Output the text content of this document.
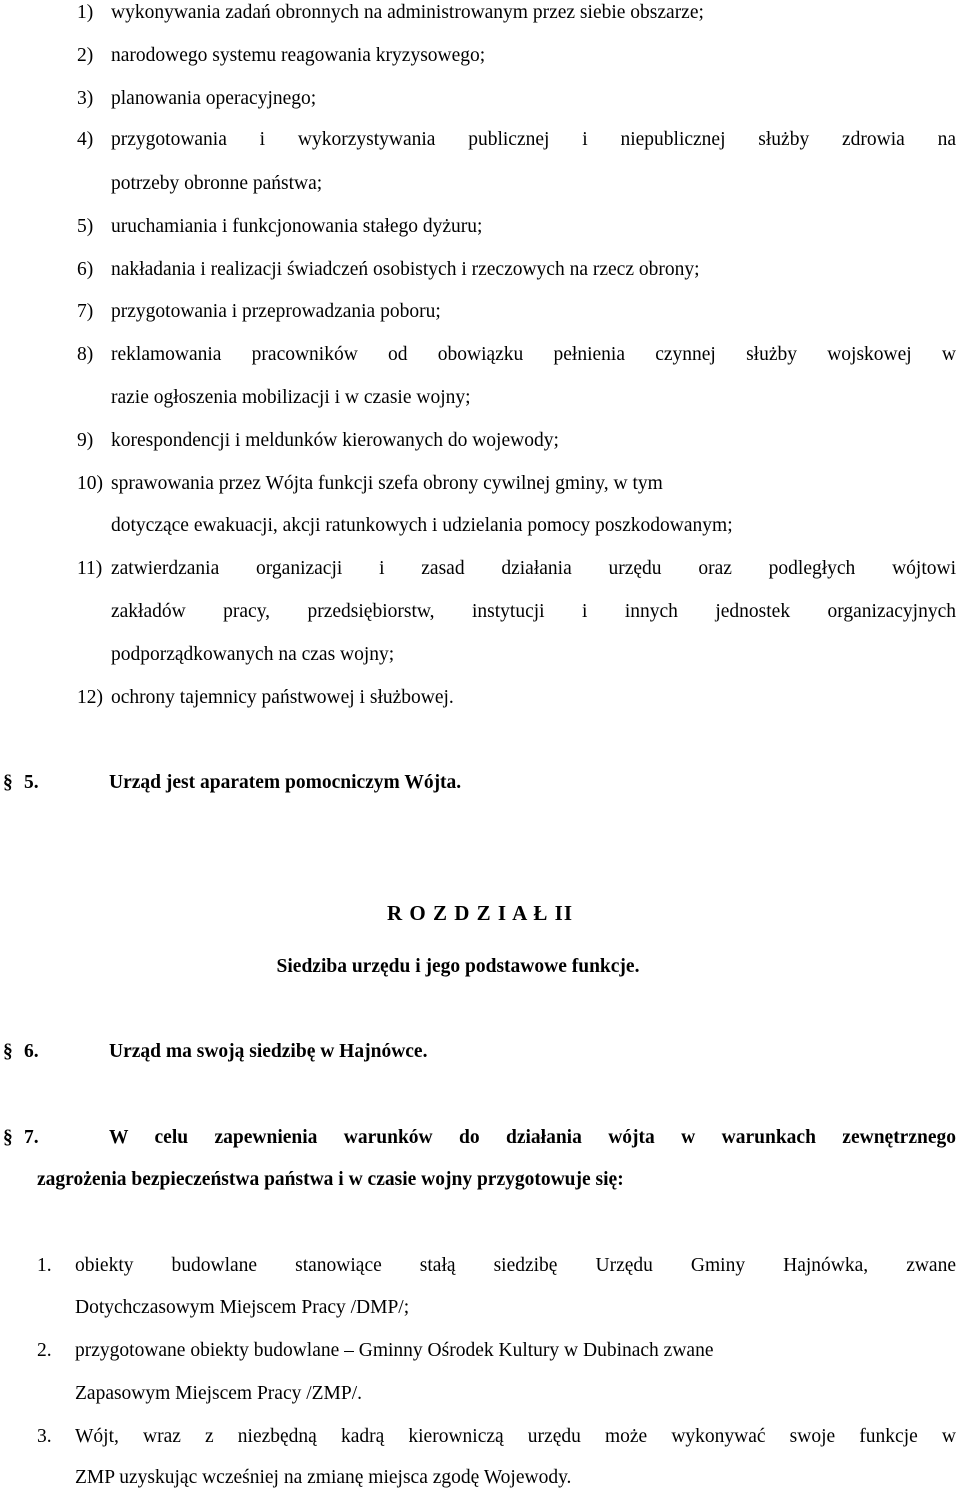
1) wykonywania zadań obronnych na administrowanym przez siebie obszarze;
2) narodowego systemu reagowania kryzysowego;
3) planowania operacyjnego;
4) przygotowania i wykorzystywania publicznej i niepublicznej służby zdrowia na
potrzeby obronne państwa;
5) uruchamiania i funkcjonowania stałego dyżuru;
6) nakładania i realizacji świadczeń osobistych i rzeczowych na rzecz obrony;
7) przygotowania i przeprowadzania poboru;
8) reklamowania pracowników od obowiązku pełnienia czynnej służby wojskowej w
razie ogłoszenia mobilizacji i w czasie wojny;
9) korespondencji i meldunków kierowanych do wojewody;
10) sprawowania przez Wójta funkcji szefa obrony cywilnej gminy, w tym
dotyczące ewakuacji, akcji ratunkowych i udzielania pomocy poszkodowanym;
11) zatwierdzania organizacji i zasad działania urzędu oraz podległych wójtowi
zakładów pracy, przedsiębiorstw, instytucji i innych jednostek organizacyjnych
podporządkowanych na czas wojny;
12) ochrony tajemnicy państwowej i służbowej.
§ 5.	Urząd jest aparatem pomocniczym Wójta.
R O Z D Z I A Ł II
Siedziba urzędu i jego podstawowe funkcje.
§ 6.	Urząd ma swoją siedzibę w Hajnówce.
§ 7.	W celu zapewnienia warunków do działania wójta w warunkach zewnętrznego
zagrożenia bezpieczeństwa państwa i w czasie wojny przygotowuje się:
1. obiekty budowlane stanowiące stałą siedzibę Urzędu Gminy Hajnówka, zwane
Dotychczasowym Miejscem Pracy /DMP/;
2. przygotowane obiekty budowlane – Gminny Ośrodek Kultury w Dubinach zwane
Zapasowym Miejscem Pracy /ZMP/.
3. Wójt, wraz z niezbędną kadrą kierowniczą urzędu może wykonywać swoje funkcje w
ZMP uzyskując wcześniej na zmianę miejsca zgodę Wojewody.
